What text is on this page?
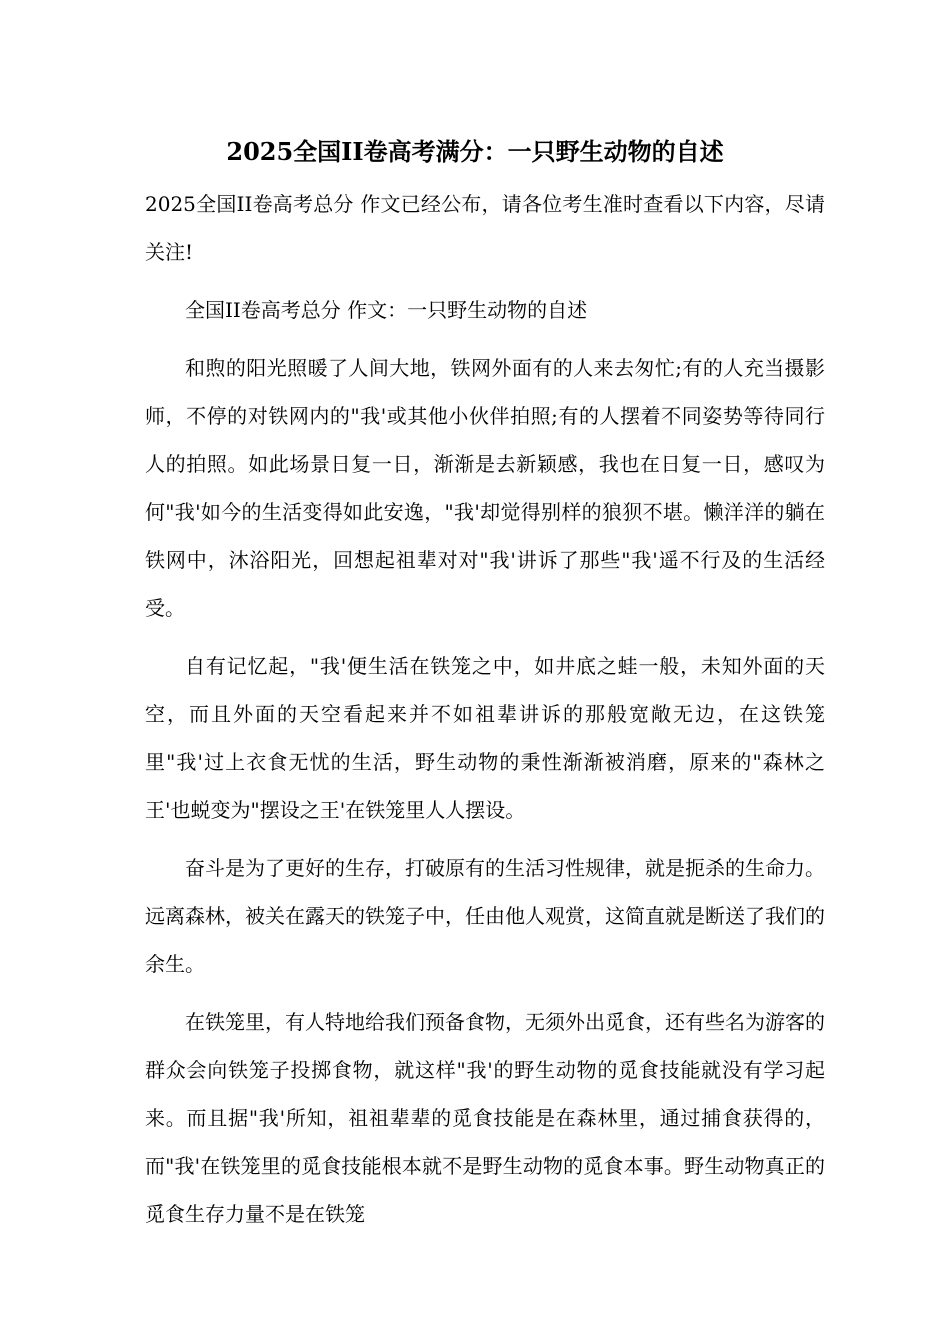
2025全国II卷高考满分：一只野生动物的自述

2025全国II卷高考总分 作文已经公布，请各位考生准时查看以下内容，尽请关注!

全国II卷高考总分 作文：一只野生动物的自述

和煦的阳光照暖了人间大地，铁网外面有的人来去匆忙;有的人充当摄影师，不停的对铁网内的"我'或其他小伙伴拍照;有的人摆着不同姿势等待同行人的拍照。如此场景日复一日，渐渐是去新颖感，我也在日复一日，感叹为何"我'如今的生活变得如此安逸，"我'却觉得别样的狼狈不堪。懒洋洋的躺在铁网中，沐浴阳光，回想起祖辈对对"我'讲诉了那些"我'遥不行及的生活经受。

自有记忆起，"我'便生活在铁笼之中，如井底之蛙一般，未知外面的天空，而且外面的天空看起来并不如祖辈讲诉的那般宽敞无边，在这铁笼里"我'过上衣食无忧的生活，野生动物的秉性渐渐被消磨，原来的"森林之王'也蜕变为"摆设之王'在铁笼里人人摆设。

奋斗是为了更好的生存，打破原有的生活习性规律，就是扼杀的生命力。远离森林，被关在露天的铁笼子中，任由他人观赏，这简直就是断送了我们的余生。

在铁笼里，有人特地给我们预备食物，无须外出觅食，还有些名为游客的群众会向铁笼子投掷食物，就这样"我'的野生动物的觅食技能就没有学习起来。而且据"我'所知，祖祖辈辈的觅食技能是在森林里，通过捕食获得的，而"我'在铁笼里的觅食技能根本就不是野生动物的觅食本事。野生动物真正的觅食生存力量不是在铁笼
